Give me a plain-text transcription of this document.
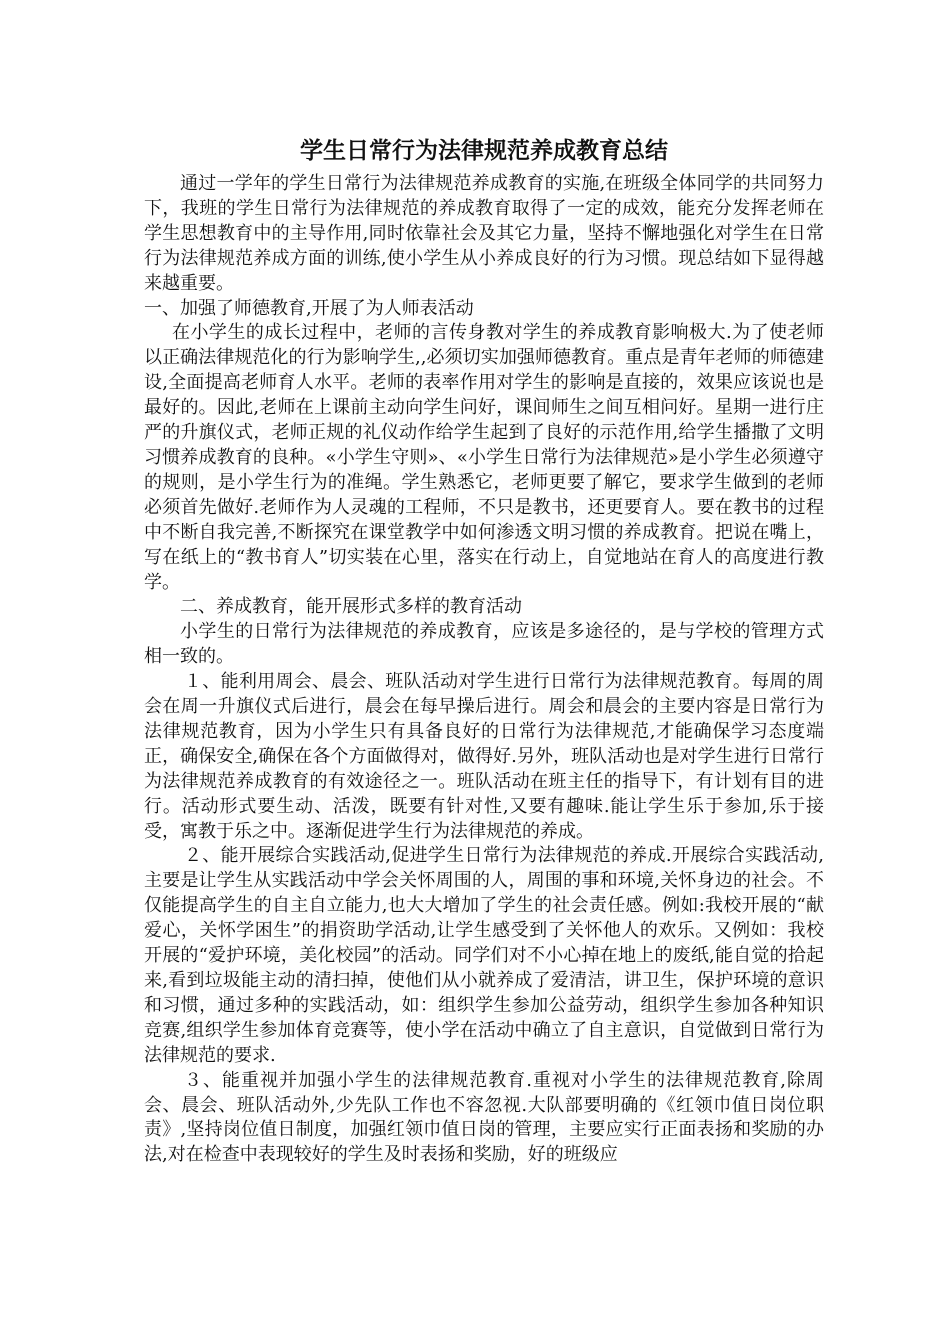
学生日常行为法律规范养成教育总结

通过一学年的学生日常行为法律规范养成教育的实施,在班级全体同学的共同努力下，我班的学生日常行为法律规范的养成教育取得了一定的成效，能充分发挥老师在学生思想教育中的主导作用,同时依靠社会及其它力量，坚持不懈地强化对学生在日常行为法律规范养成方面的训练,使小学生从小养成良好的行为习惯。现总结如下显得越来越重要。

一、加强了师德教育,开展了为人师表活动

在小学生的成长过程中，老师的言传身教对学生的养成教育影响极大.为了使老师以正确法律规范化的行为影响学生,,必须切实加强师德教育。重点是青年老师的师德建设,全面提高老师育人水平。老师的表率作用对学生的影响是直接的，效果应该说也是最好的。因此,老师在上课前主动向学生问好，课间师生之间互相问好。星期一进行庄严的升旗仪式，老师正规的礼仪动作给学生起到了良好的示范作用,给学生播撒了文明习惯养成教育的良种。«小学生守则»、«小学生日常行为法律规范»是小学生必须遵守的规则，是小学生行为的准绳。学生熟悉它，老师更要了解它，要求学生做到的老师必须首先做好.老师作为人灵魂的工程师，不只是教书，还更要育人。要在教书的过程中不断自我完善,不断探究在课堂教学中如何渗透文明习惯的养成教育。把说在嘴上，写在纸上的“教书育人”切实装在心里，落实在行动上，自觉地站在育人的高度进行教学。

二、养成教育，能开展形式多样的教育活动

小学生的日常行为法律规范的养成教育，应该是多途径的，是与学校的管理方式相一致的。

１、能利用周会、晨会、班队活动对学生进行日常行为法律规范教育。每周的周会在周一升旗仪式后进行，晨会在每早操后进行。周会和晨会的主要内容是日常行为法律规范教育，因为小学生只有具备良好的日常行为法律规范,才能确保学习态度端正，确保安全,确保在各个方面做得对，做得好.另外，班队活动也是对学生进行日常行为法律规范养成教育的有效途径之一。班队活动在班主任的指导下，有计划有目的进行。活动形式要生动、活泼，既要有针对性,又要有趣味.能让学生乐于参加,乐于接受，寓教于乐之中。逐渐促进学生行为法律规范的养成。

２、能开展综合实践活动,促进学生日常行为法律规范的养成.开展综合实践活动,主要是让学生从实践活动中学会关怀周围的人，周围的事和环境,关怀身边的社会。不仅能提高学生的自主自立能力,也大大增加了学生的社会责任感。例如:我校开展的“献爱心，关怀学困生”的捐资助学活动,让学生感受到了关怀他人的欢乐。又例如：我校开展的“爱护环境，美化校园”的活动。同学们对不小心掉在地上的废纸,能自觉的拾起来,看到垃圾能主动的清扫掉，使他们从小就养成了爱清洁，讲卫生，保护环境的意识和习惯，通过多种的实践活动，如：组织学生参加公益劳动，组织学生参加各种知识竞赛,组织学生参加体育竞赛等，使小学在活动中确立了自主意识，自觉做到日常行为法律规范的要求.

３、能重视并加强小学生的法律规范教育.重视对小学生的法律规范教育,除周会、晨会、班队活动外,少先队工作也不容忽视.大队部要明确的《红领巾值日岗位职责》,坚持岗位值日制度，加强红领巾值日岗的管理，主要应实行正面表扬和奖励的办法,对在检查中表现较好的学生及时表扬和奖励，好的班级应
